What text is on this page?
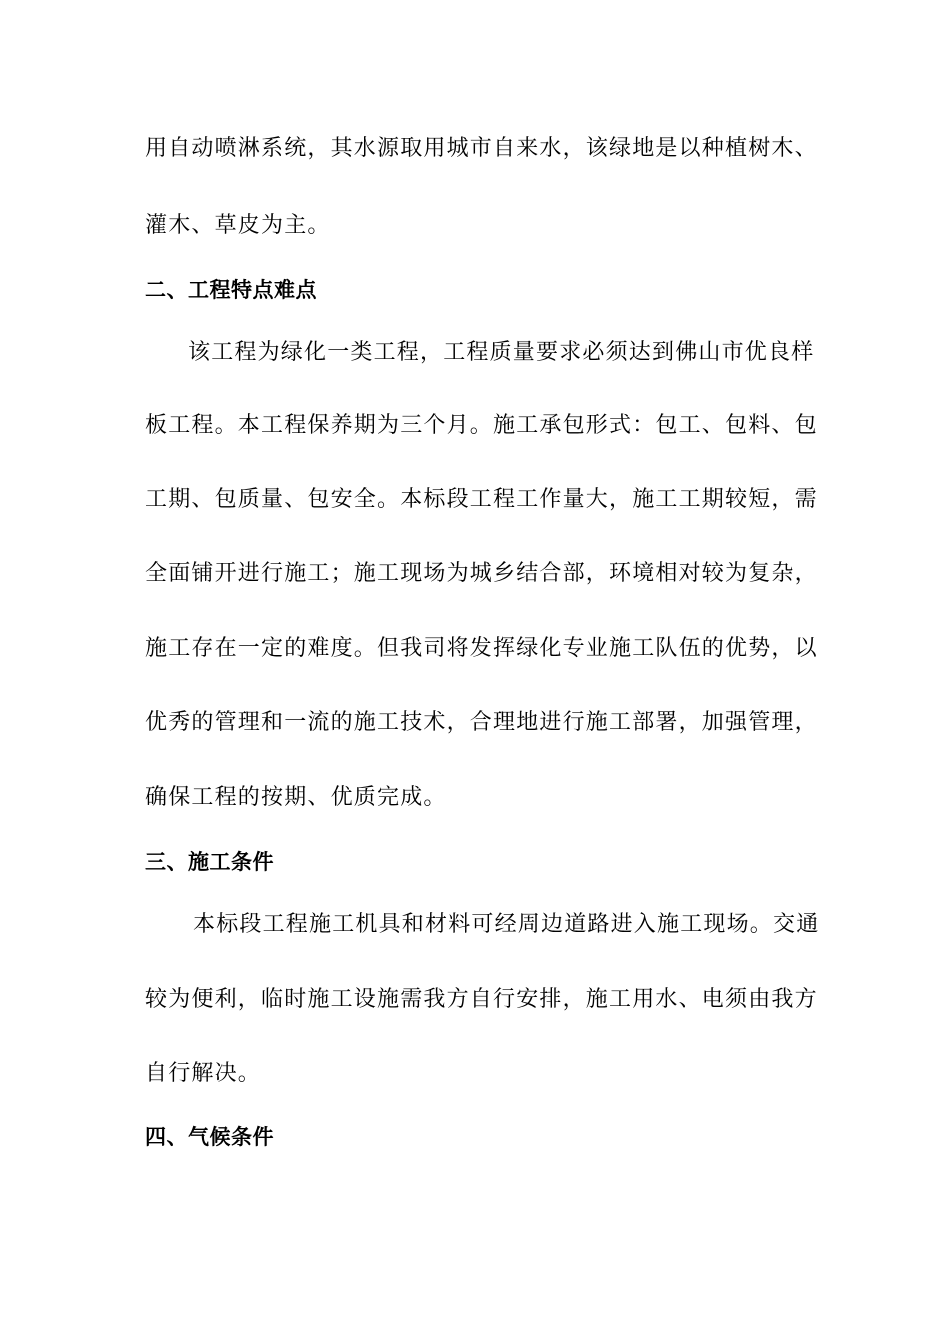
用自动喷淋系统，其水源取用城市自来水，该绿地是以种植树木、
灌木、草皮为主。
二、工程特点难点
该工程为绿化一类工程，工程质量要求必须达到佛山市优良样
板工程。本工程保养期为三个月。施工承包形式：包工、包料、包
工期、包质量、包安全。本标段工程工作量大，施工工期较短，需
全面铺开进行施工；施工现场为城乡结合部，环境相对较为复杂，
施工存在一定的难度。但我司将发挥绿化专业施工队伍的优势，以
优秀的管理和一流的施工技术，合理地进行施工部署，加强管理，
确保工程的按期、优质完成。
三、施工条件
本标段工程施工机具和材料可经周边道路进入施工现场。交通
较为便利，临时施工设施需我方自行安排，施工用水、电须由我方
自行解决。
四、气候条件
